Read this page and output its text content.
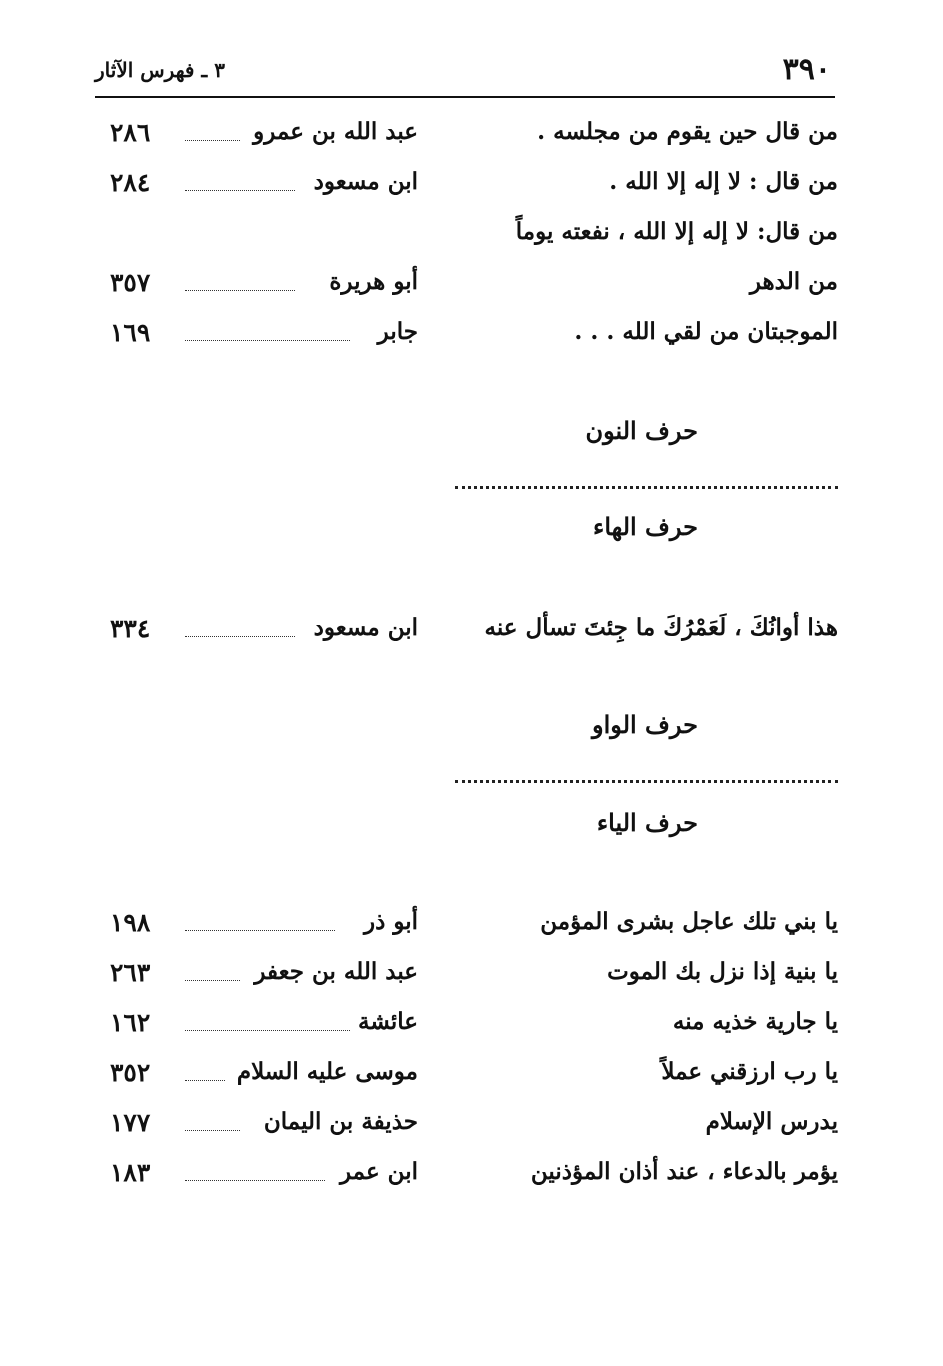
٣٩٠
٣ ـ فهرس الآثار
من قال حين يقوم من مجلسه .
عبد الله بن عمرو
٢٨٦
من قال : لا إله إلا الله .
ابن مسعود
٢٨٤
من قال: لا إله إلا الله ، نفعته يوماً
من الدهر
أبو هريرة
٣٥٧
الموجبتان من لقي الله . . .
جابر
١٦٩
حرف النون
حرف الهاء
هذا أوانُكَ ، لَعَمْرُكَ ما جِئتَ تسأل عنه
ابن مسعود
٣٣٤
حرف الواو
حرف الياء
يا بني تلك عاجل بشرى المؤمن
أبو ذر
١٩٨
يا بنية إذا نزل بك الموت
عبد الله بن جعفر
٢٦٣
يا جارية خذيه منه
عائشة
١٦٢
يا رب ارزقني عملاً
موسى عليه السلام
٣٥٢
يدرس الإسلام
حذيفة بن اليمان
١٧٧
يؤمر بالدعاء ، عند أذان المؤذنين
ابن عمر
١٨٣
